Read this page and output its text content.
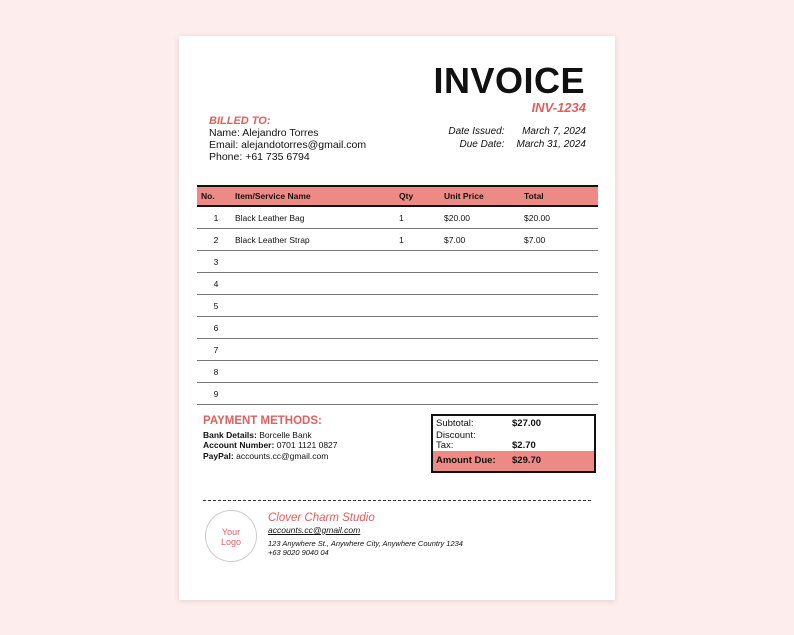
INVOICE
INV-1234
BILLED TO:
Name: Alejandro Torres
Email: alejandotorres@gmail.com
Phone: +61 735 6794
Date Issued:	March 7, 2024
Due Date:	March 31, 2024
No.	Item/Service Name	Qty	Unit Price	Total
1	Black Leather Bag	1	$20.00	$20.00
2	Black Leather Strap	1	$7.00	$7.00
3				
4				
5				
6				
7				
8				
9				
PAYMENT METHODS:
Bank Details: Borcelle Bank
Account Number: 0701 1121 0827
PayPal: accounts.cc@gmail.com
Subtotal:	$27.00
Discount:
Tax:	$2.70
Amount Due: $29.70
Your
Logo
Clover Charm Studio
accounts.cc@gmail.com
123 Anywhere St., Anywhere City, Anywhere Country 1234
+63 9020 9040 04
